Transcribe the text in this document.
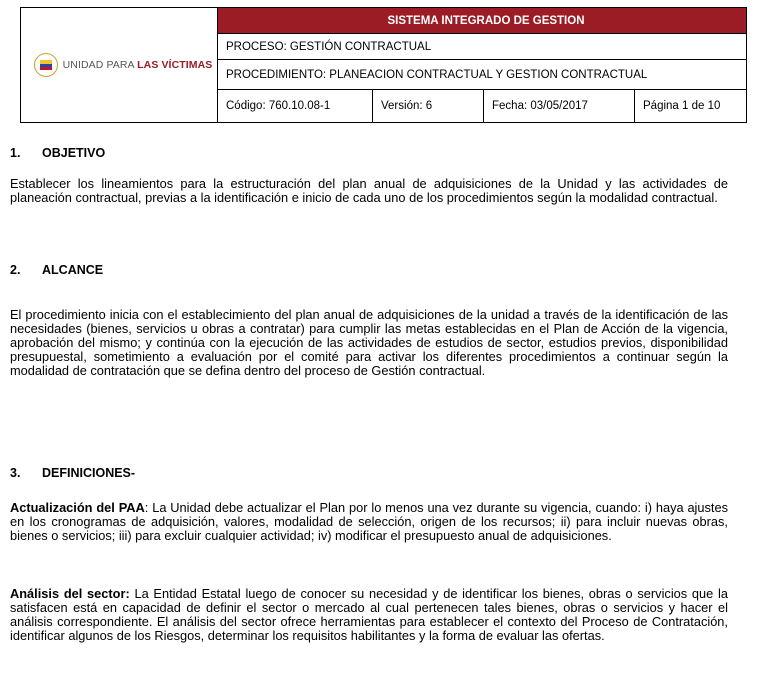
UNIDAD PARA LAS VÍCTIMAS	SISTEMA INTEGRADO DE GESTION			
	PROCESO: GESTIÓN CONTRACTUAL			
	PROCEDIMIENTO: PLANEACION CONTRACTUAL Y GESTION CONTRACTUAL			
	Código: 760.10.08-1	Versión: 6	Fecha: 03/05/2017	Página 1 de 10
1. OBJETIVO

Establecer los lineamientos para la estructuración del plan anual de adquisiciones de la Unidad y las actividades de planeación contractual, previas a la identificación e inicio de cada uno de los procedimientos según la modalidad contractual.

2. ALCANCE

El procedimiento inicia con el establecimiento del plan anual de adquisiciones de la unidad a través de la identificación de las necesidades (bienes, servicios u obras a contratar) para cumplir las metas establecidas en el Plan de Acción de la vigencia, aprobación del mismo; y continúa con la ejecución de las actividades de estudios de sector, estudios previos, disponibilidad presupuestal, sometimiento a evaluación por el comité para activar los diferentes procedimientos a continuar según la modalidad de contratación que se defina dentro del proceso de Gestión contractual.

3. DEFINICIONES-

Actualización del PAA: La Unidad debe actualizar el Plan por lo menos una vez durante su vigencia, cuando: i) haya ajustes en los cronogramas de adquisición, valores, modalidad de selección, origen de los recursos; ii) para incluir nuevas obras, bienes o servicios; iii) para excluir cualquier actividad; iv) modificar el presupuesto anual de adquisiciones.

Análisis del sector: La Entidad Estatal luego de conocer su necesidad y de identificar los bienes, obras o servicios que la satisfacen está en capacidad de definir el sector o mercado al cual pertenecen tales bienes, obras o servicios y hacer el análisis correspondiente. El análisis del sector ofrece herramientas para establecer el contexto del Proceso de Contratación, identificar algunos de los Riesgos, determinar los requisitos habilitantes y la forma de evaluar las ofertas.
